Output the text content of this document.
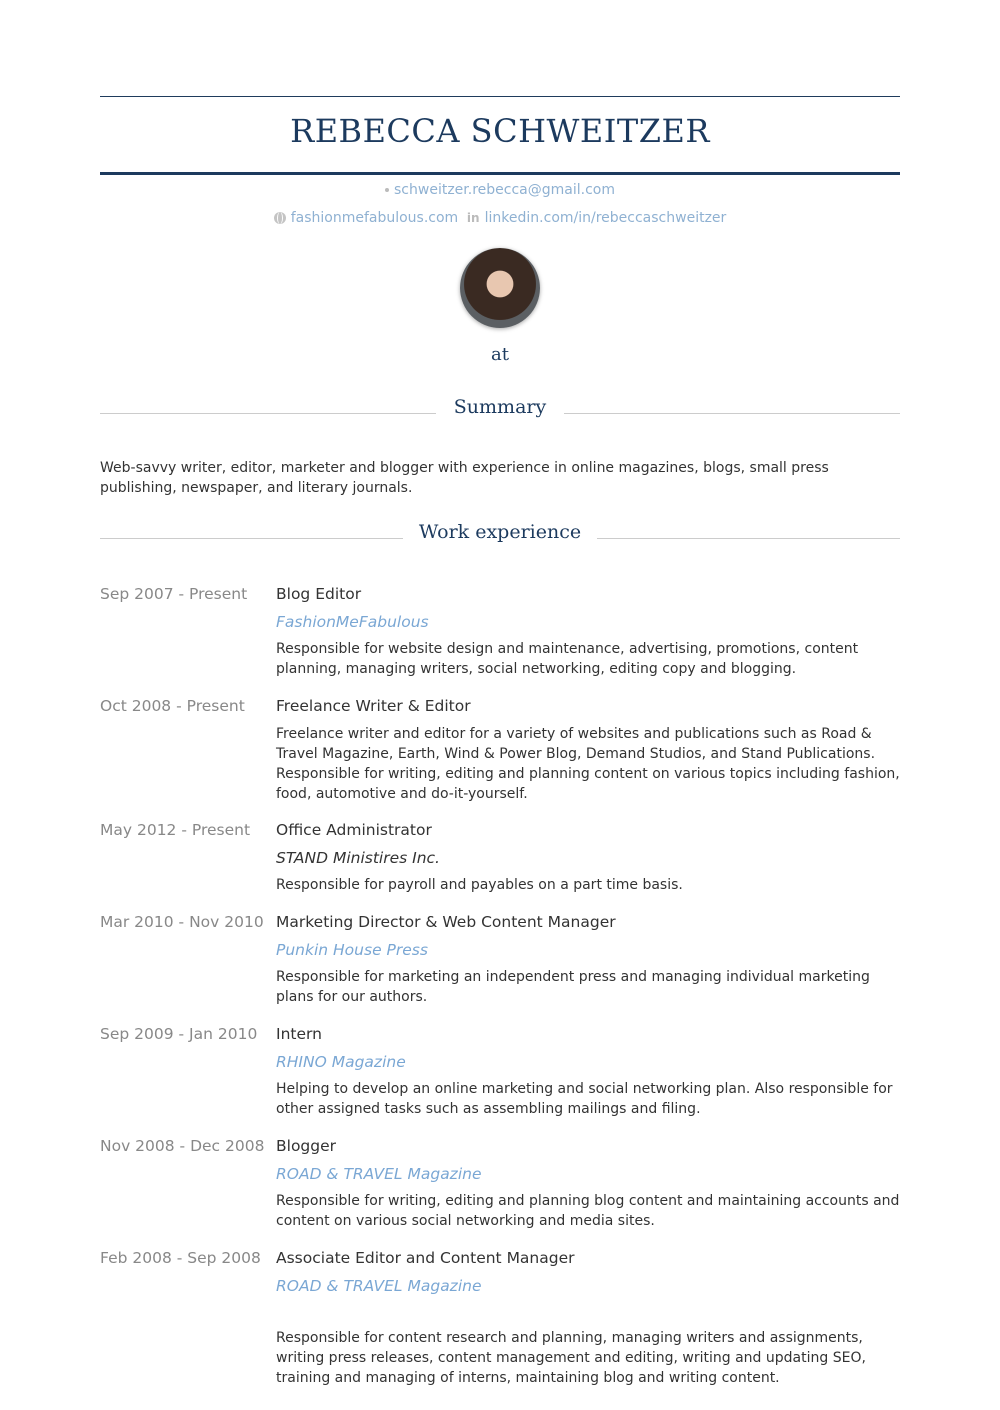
REBECCA SCHWEITZER
schweitzer.rebecca@gmail.com
fashionmefabulous.com in linkedin.com/in/rebeccaschweitzer
at
Summary
Web-savvy writer, editor, marketer and blogger with experience in online magazines, blogs, small press publishing, newspaper, and literary journals.
Work experience
Sep 2007 - Present Blog Editor
FashionMeFabulous
Responsible for website design and maintenance, advertising, promotions, content planning, managing writers, social networking, editing copy and blogging.
Oct 2008 - Present Freelance Writer & Editor
Freelance writer and editor for a variety of websites and publications such as Road & Travel Magazine, Earth, Wind & Power Blog, Demand Studios, and Stand Publications. Responsible for writing, editing and planning content on various topics including fashion, food, automotive and do-it-yourself.
May 2012 - Present Office Administrator
STAND Ministires Inc.
Responsible for payroll and payables on a part time basis.
Mar 2010 - Nov 2010 Marketing Director & Web Content Manager
Punkin House Press
Responsible for marketing an independent press and managing individual marketing plans for our authors.
Sep 2009 - Jan 2010 Intern
RHINO Magazine
Helping to develop an online marketing and social networking plan. Also responsible for other assigned tasks such as assembling mailings and filing.
Nov 2008 - Dec 2008 Blogger
ROAD & TRAVEL Magazine
Responsible for writing, editing and planning blog content and maintaining accounts and content on various social networking and media sites.
Feb 2008 - Sep 2008 Associate Editor and Content Manager
ROAD & TRAVEL Magazine
Responsible for content research and planning, managing writers and assignments, writing press releases, content management and editing, writing and updating SEO, training and managing of interns, maintaining blog and writing content.
